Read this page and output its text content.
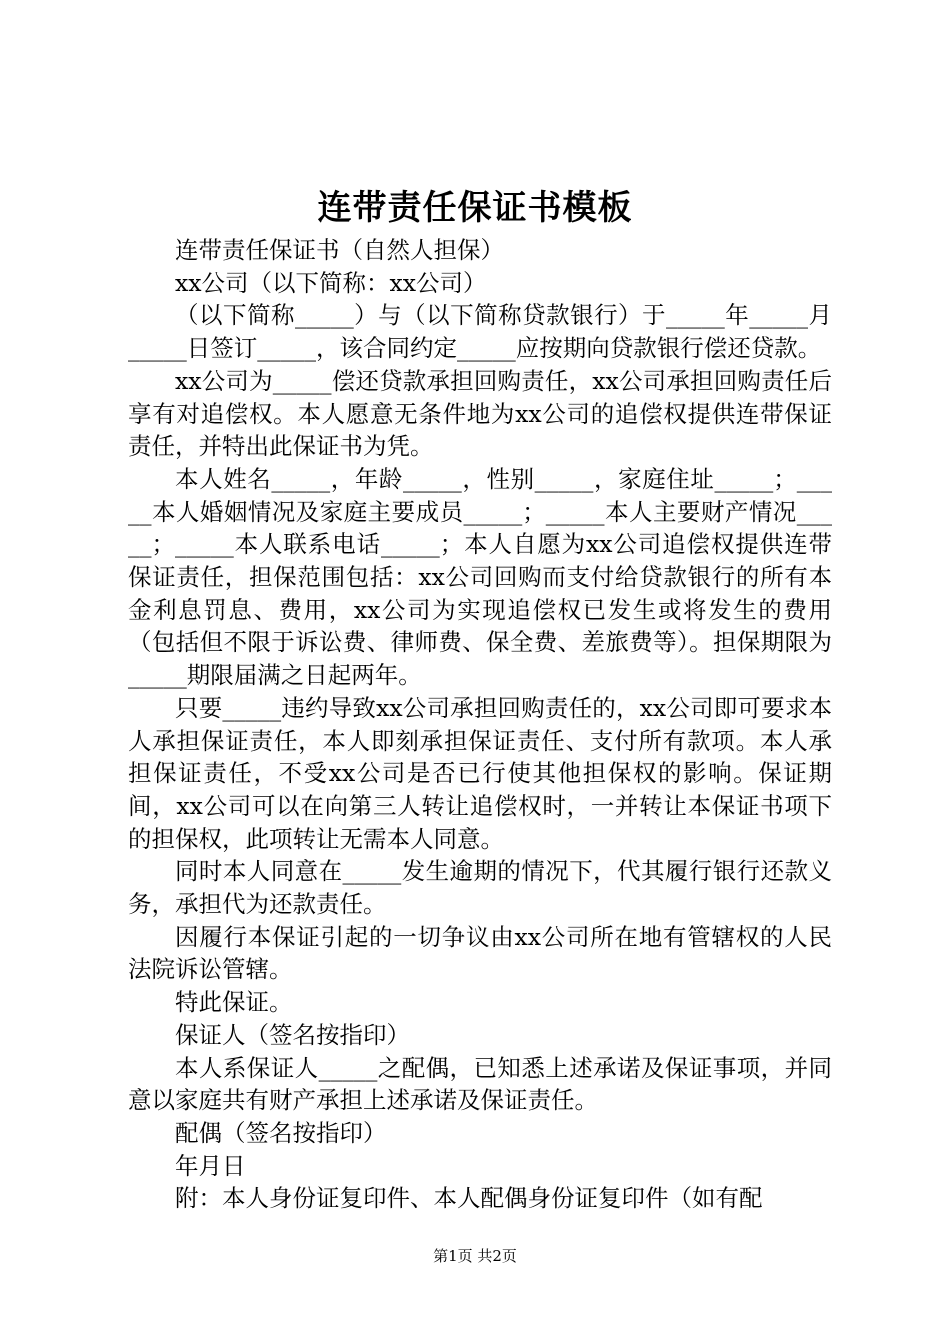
连带责任保证书模板

连带责任保证书（自然人担保）

xx公司（以下简称：xx公司）

（以下简称_____）与（以下简称贷款银行）于_____年_____月_____日签订_____，该合同约定_____应按期向贷款银行偿还贷款。

xx公司为_____偿还贷款承担回购责任，xx公司承担回购责任后享有对追偿权。本人愿意无条件地为xx公司的追偿权提供连带保证责任，并特出此保证书为凭。

本人姓名_____，年龄_____，性别_____，家庭住址_____；_____本人婚姻情况及家庭主要成员_____；_____本人主要财产情况_____；_____本人联系电话_____；本人自愿为xx公司追偿权提供连带保证责任，担保范围包括：xx公司回购而支付给贷款银行的所有本金利息罚息、费用，xx公司为实现追偿权已发生或将发生的费用（包括但不限于诉讼费、律师费、保全费、差旅费等）。担保期限为_____期限届满之日起两年。

只要_____违约导致xx公司承担回购责任的，xx公司即可要求本人承担保证责任，本人即刻承担保证责任、支付所有款项。本人承担保证责任，不受xx公司是否已行使其他担保权的影响。保证期间，xx公司可以在向第三人转让追偿权时，一并转让本保证书项下的担保权，此项转让无需本人同意。

同时本人同意在_____发生逾期的情况下，代其履行银行还款义务，承担代为还款责任。

因履行本保证引起的一切争议由xx公司所在地有管辖权的人民法院诉讼管辖。

特此保证。

保证人（签名按指印）

本人系保证人_____之配偶，已知悉上述承诺及保证事项，并同意以家庭共有财产承担上述承诺及保证责任。

配偶（签名按指印）

年月日

附：本人身份证复印件、本人配偶身份证复印件（如有配

第1页 共2页
